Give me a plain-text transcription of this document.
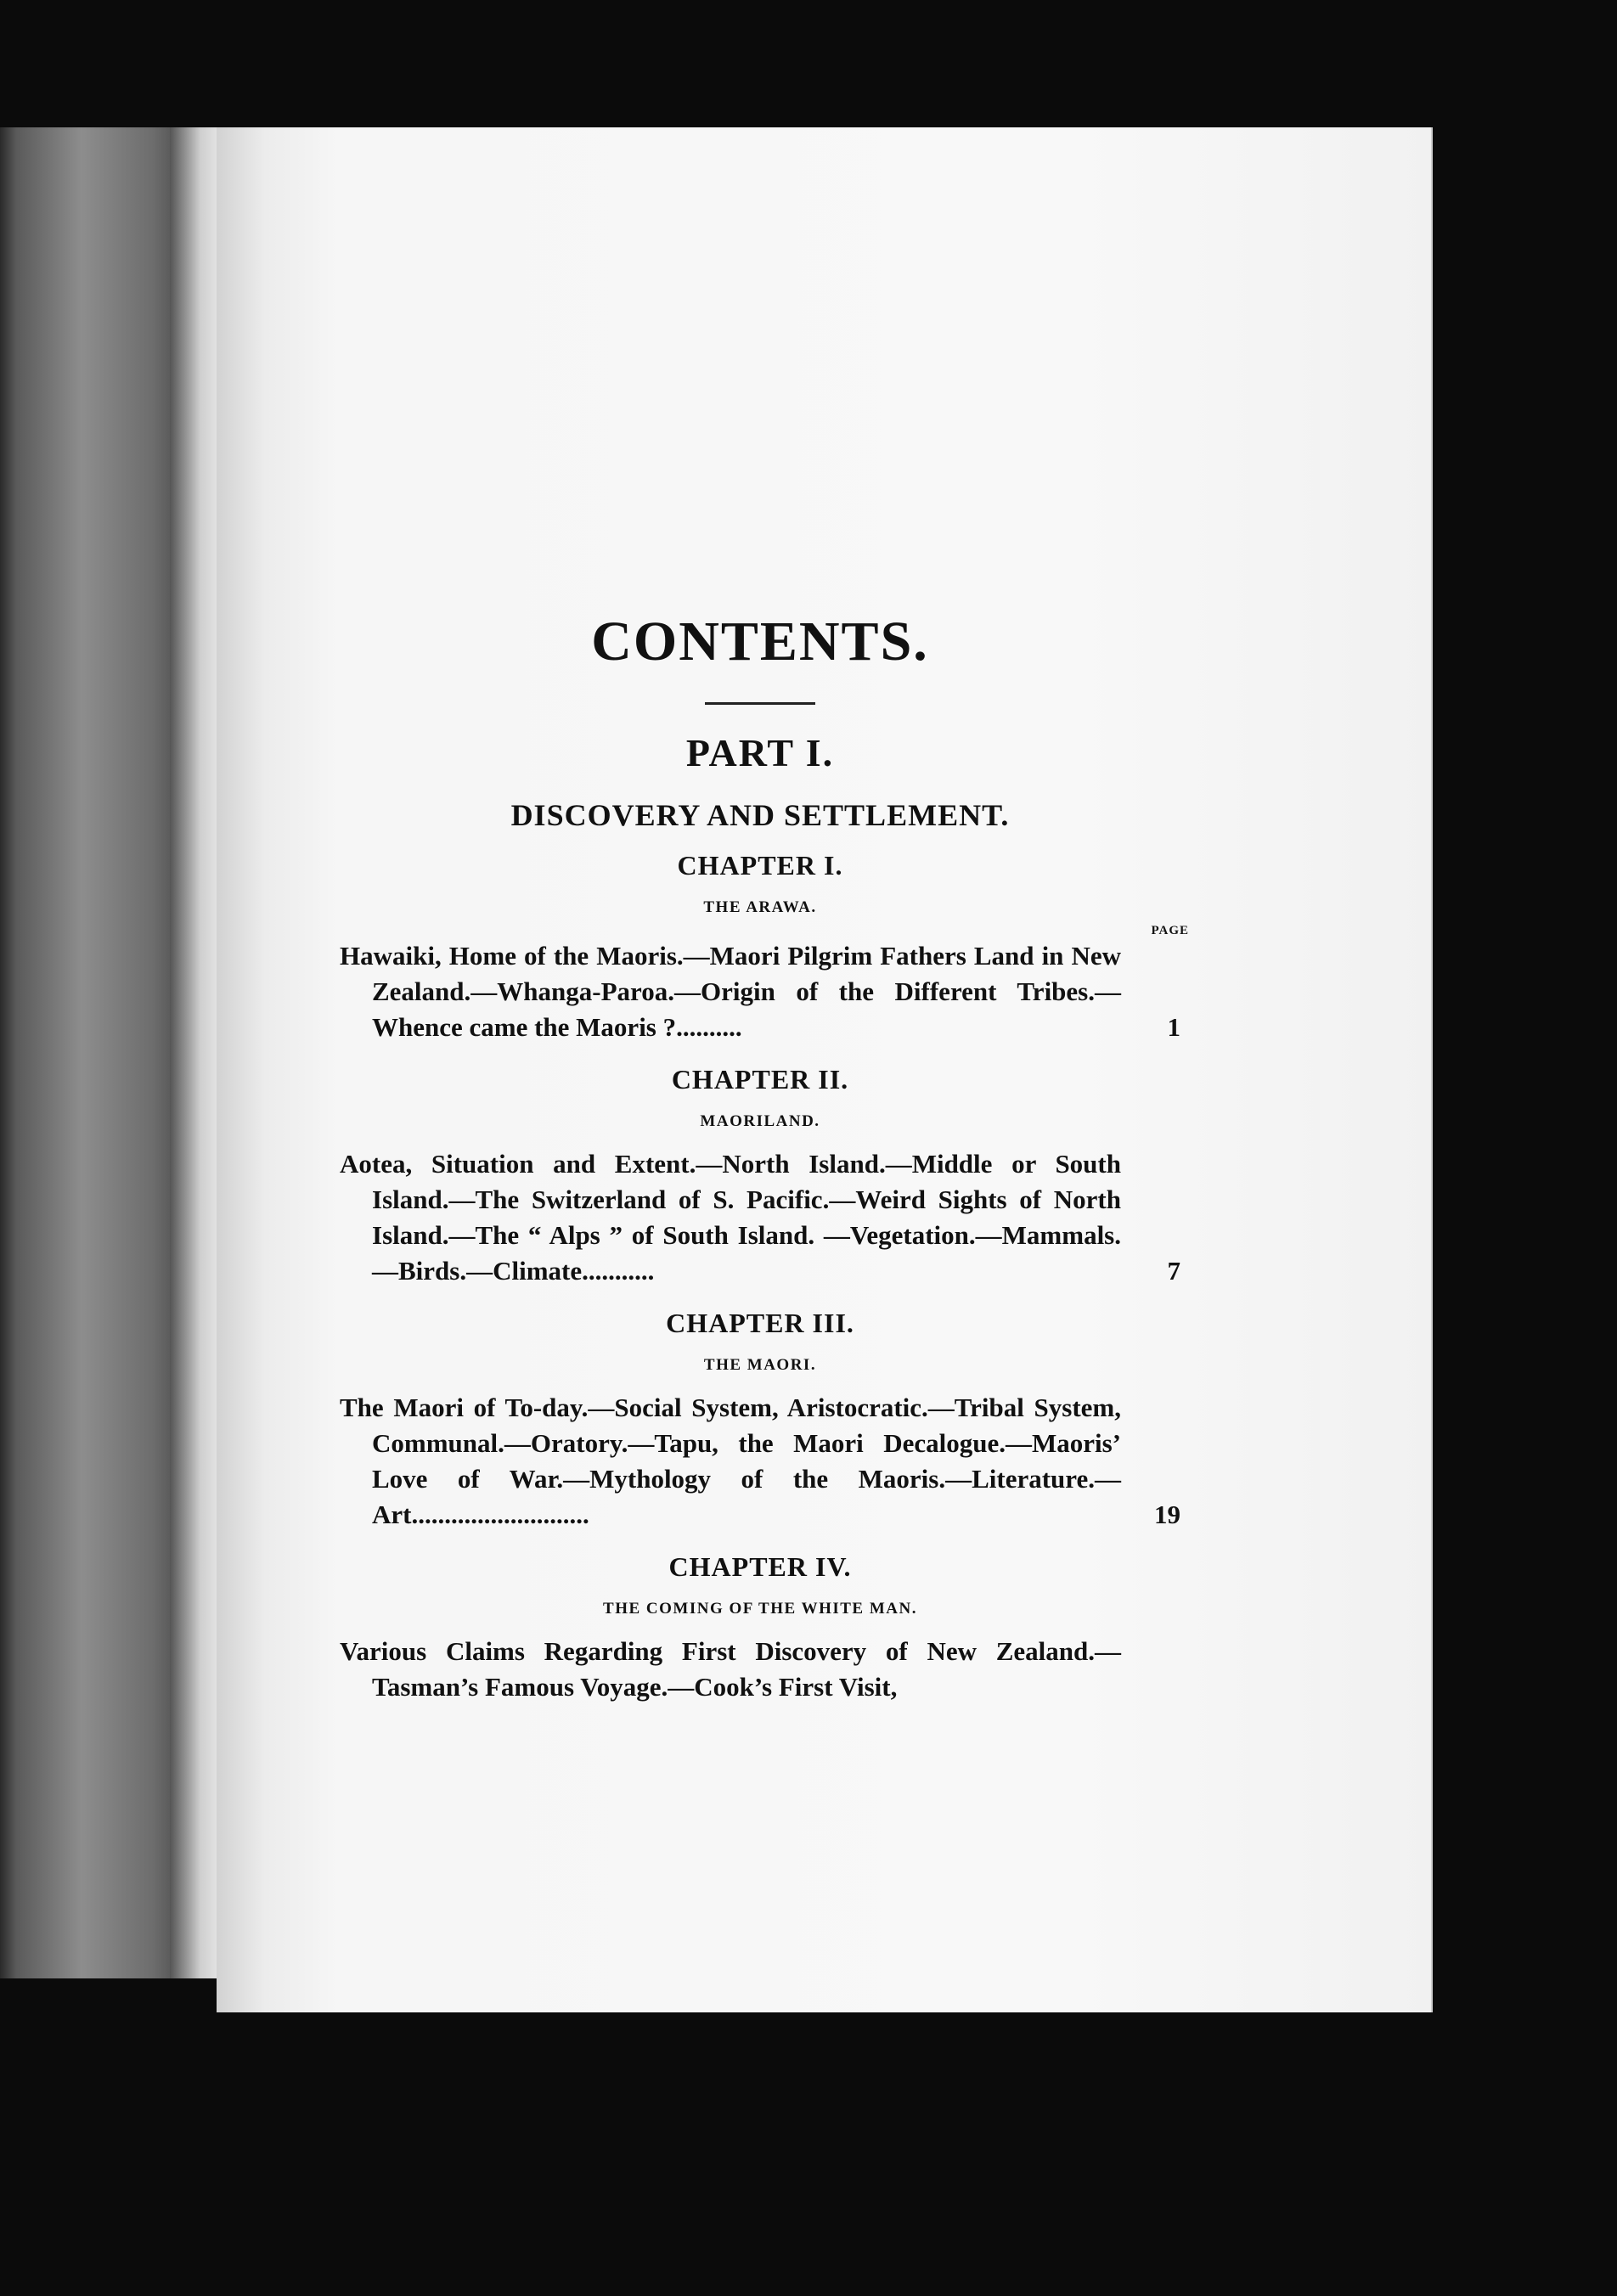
CONTENTS.
PART I.
DISCOVERY AND SETTLEMENT.
CHAPTER I.
THE ARAWA.
PAGE

Hawaiki, Home of the Maoris.—Maori Pilgrim Fathers Land in New Zealand.—Whanga-Paroa.—Origin of the Different Tribes.—Whence came the Maoris ?..........	1

CHAPTER II.
MAORILAND.

Aotea, Situation and Extent.—North Island.—Middle or South Island.—The Switzerland of S. Pacific.—Weird Sights of North Island.—The “ Alps ” of South Island. —Vegetation.—Mammals.—Birds.—Climate...........	7

CHAPTER III.
THE MAORI.

The Maori of To-day.—Social System, Aristocratic.—Tribal System, Communal.—Oratory.—Tapu, the Maori Decalogue.—Maoris’ Love of War.—Mythology of the Maoris.—Literature.—Art...........................	19

CHAPTER IV.
THE COMING OF THE WHITE MAN.

Various Claims Regarding First Discovery of New Zealand.—Tasman’s Famous Voyage.—Cook’s First Visit,
